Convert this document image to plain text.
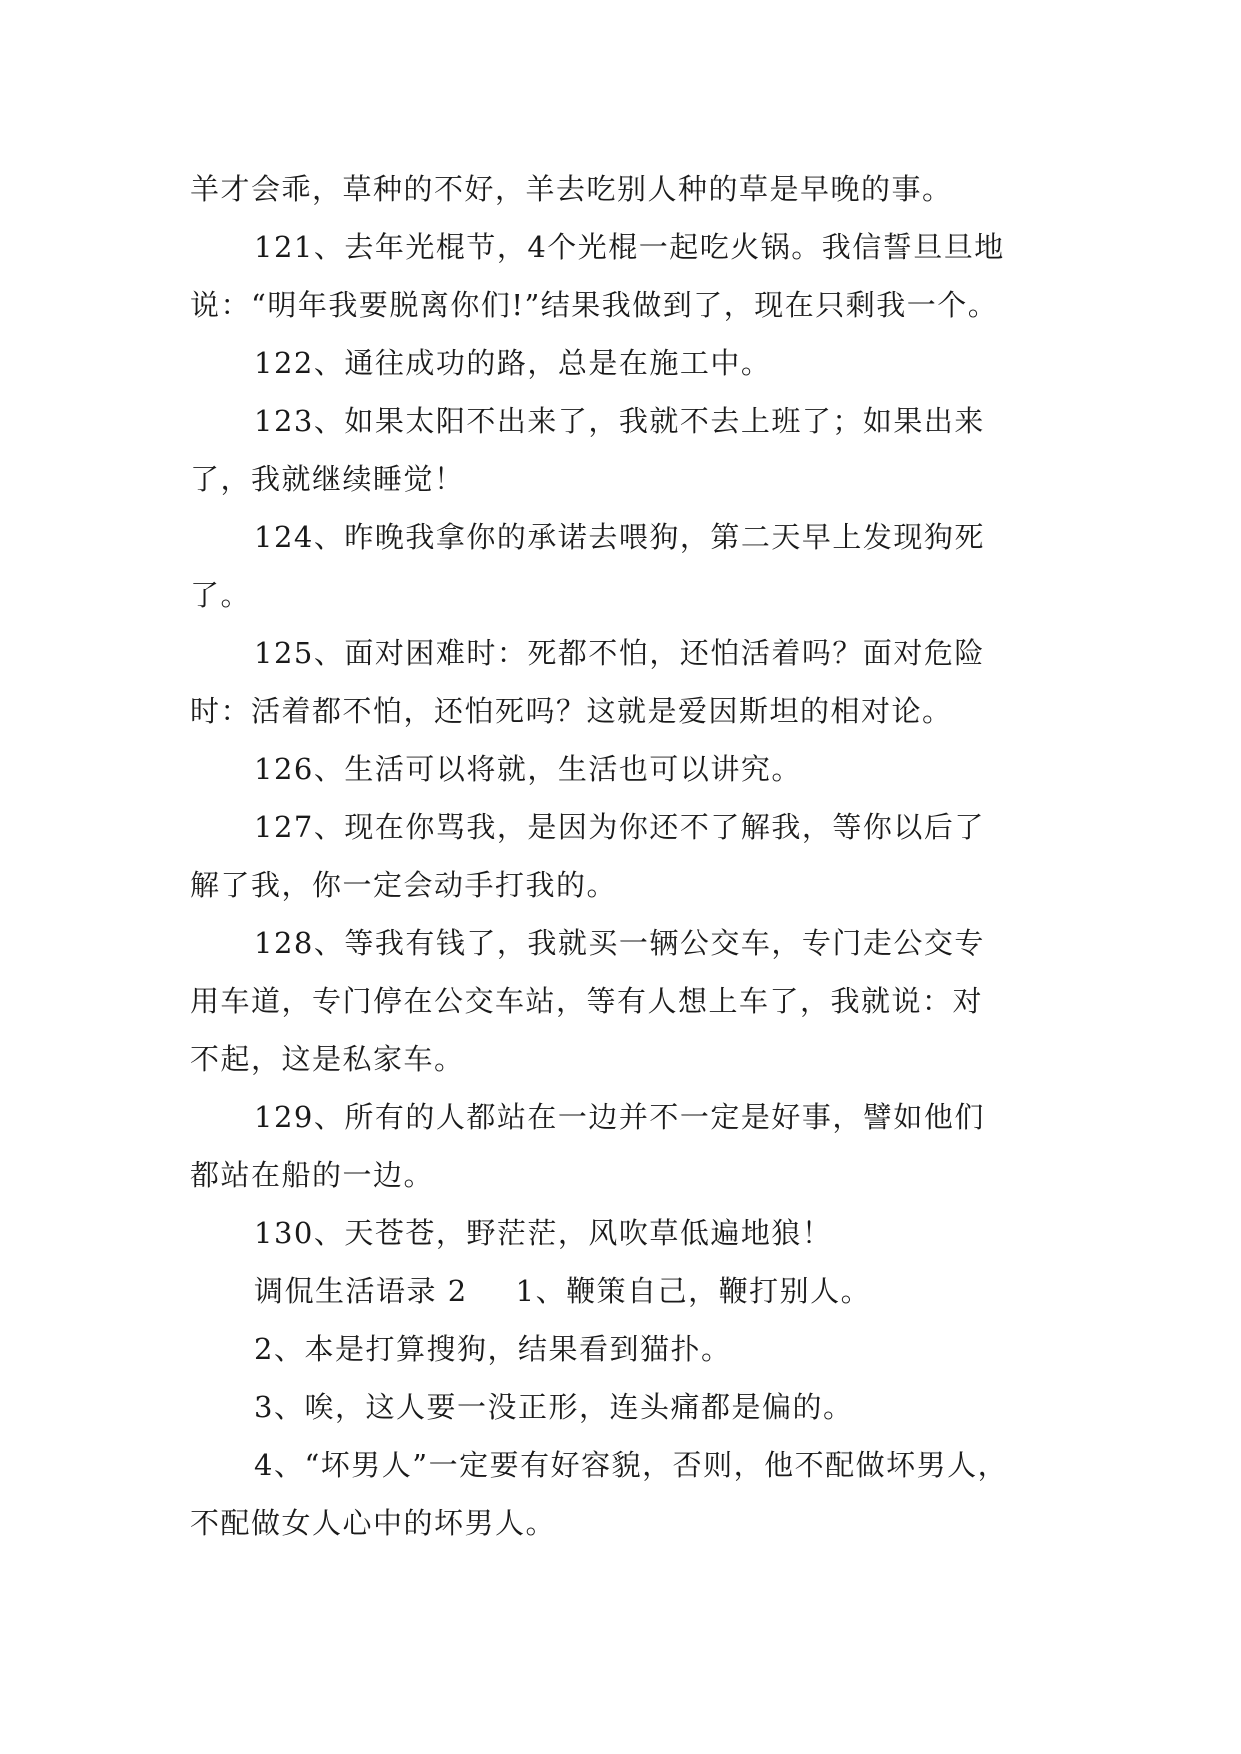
羊才会乖，草种的不好，羊去吃别人种的草是早晚的事。
121、去年光棍节，4个光棍一起吃火锅。我信誓旦旦地
说：“明年我要脱离你们!”结果我做到了，现在只剩我一个。
122、通往成功的路，总是在施工中。
123、如果太阳不出来了，我就不去上班了；如果出来
了，我就继续睡觉！
124、昨晚我拿你的承诺去喂狗，第二天早上发现狗死
了。
125、面对困难时：死都不怕，还怕活着吗？面对危险
时：活着都不怕，还怕死吗？这就是爱因斯坦的相对论。
126、生活可以将就，生活也可以讲究。
127、现在你骂我，是因为你还不了解我，等你以后了
解了我，你一定会动手打我的。
128、等我有钱了，我就买一辆公交车，专门走公交专
用车道，专门停在公交车站，等有人想上车了，我就说：对
不起，这是私家车。
129、所有的人都站在一边并不一定是好事，譬如他们
都站在船的一边。
130、天苍苍，野茫茫，风吹草低遍地狼！
调侃生活语录 2 1、鞭策自己，鞭打别人。
2、本是打算搜狗，结果看到猫扑。
3、唉，这人要一没正形，连头痛都是偏的。
4、“坏男人”一定要有好容貌，否则，他不配做坏男人，
不配做女人心中的坏男人。
